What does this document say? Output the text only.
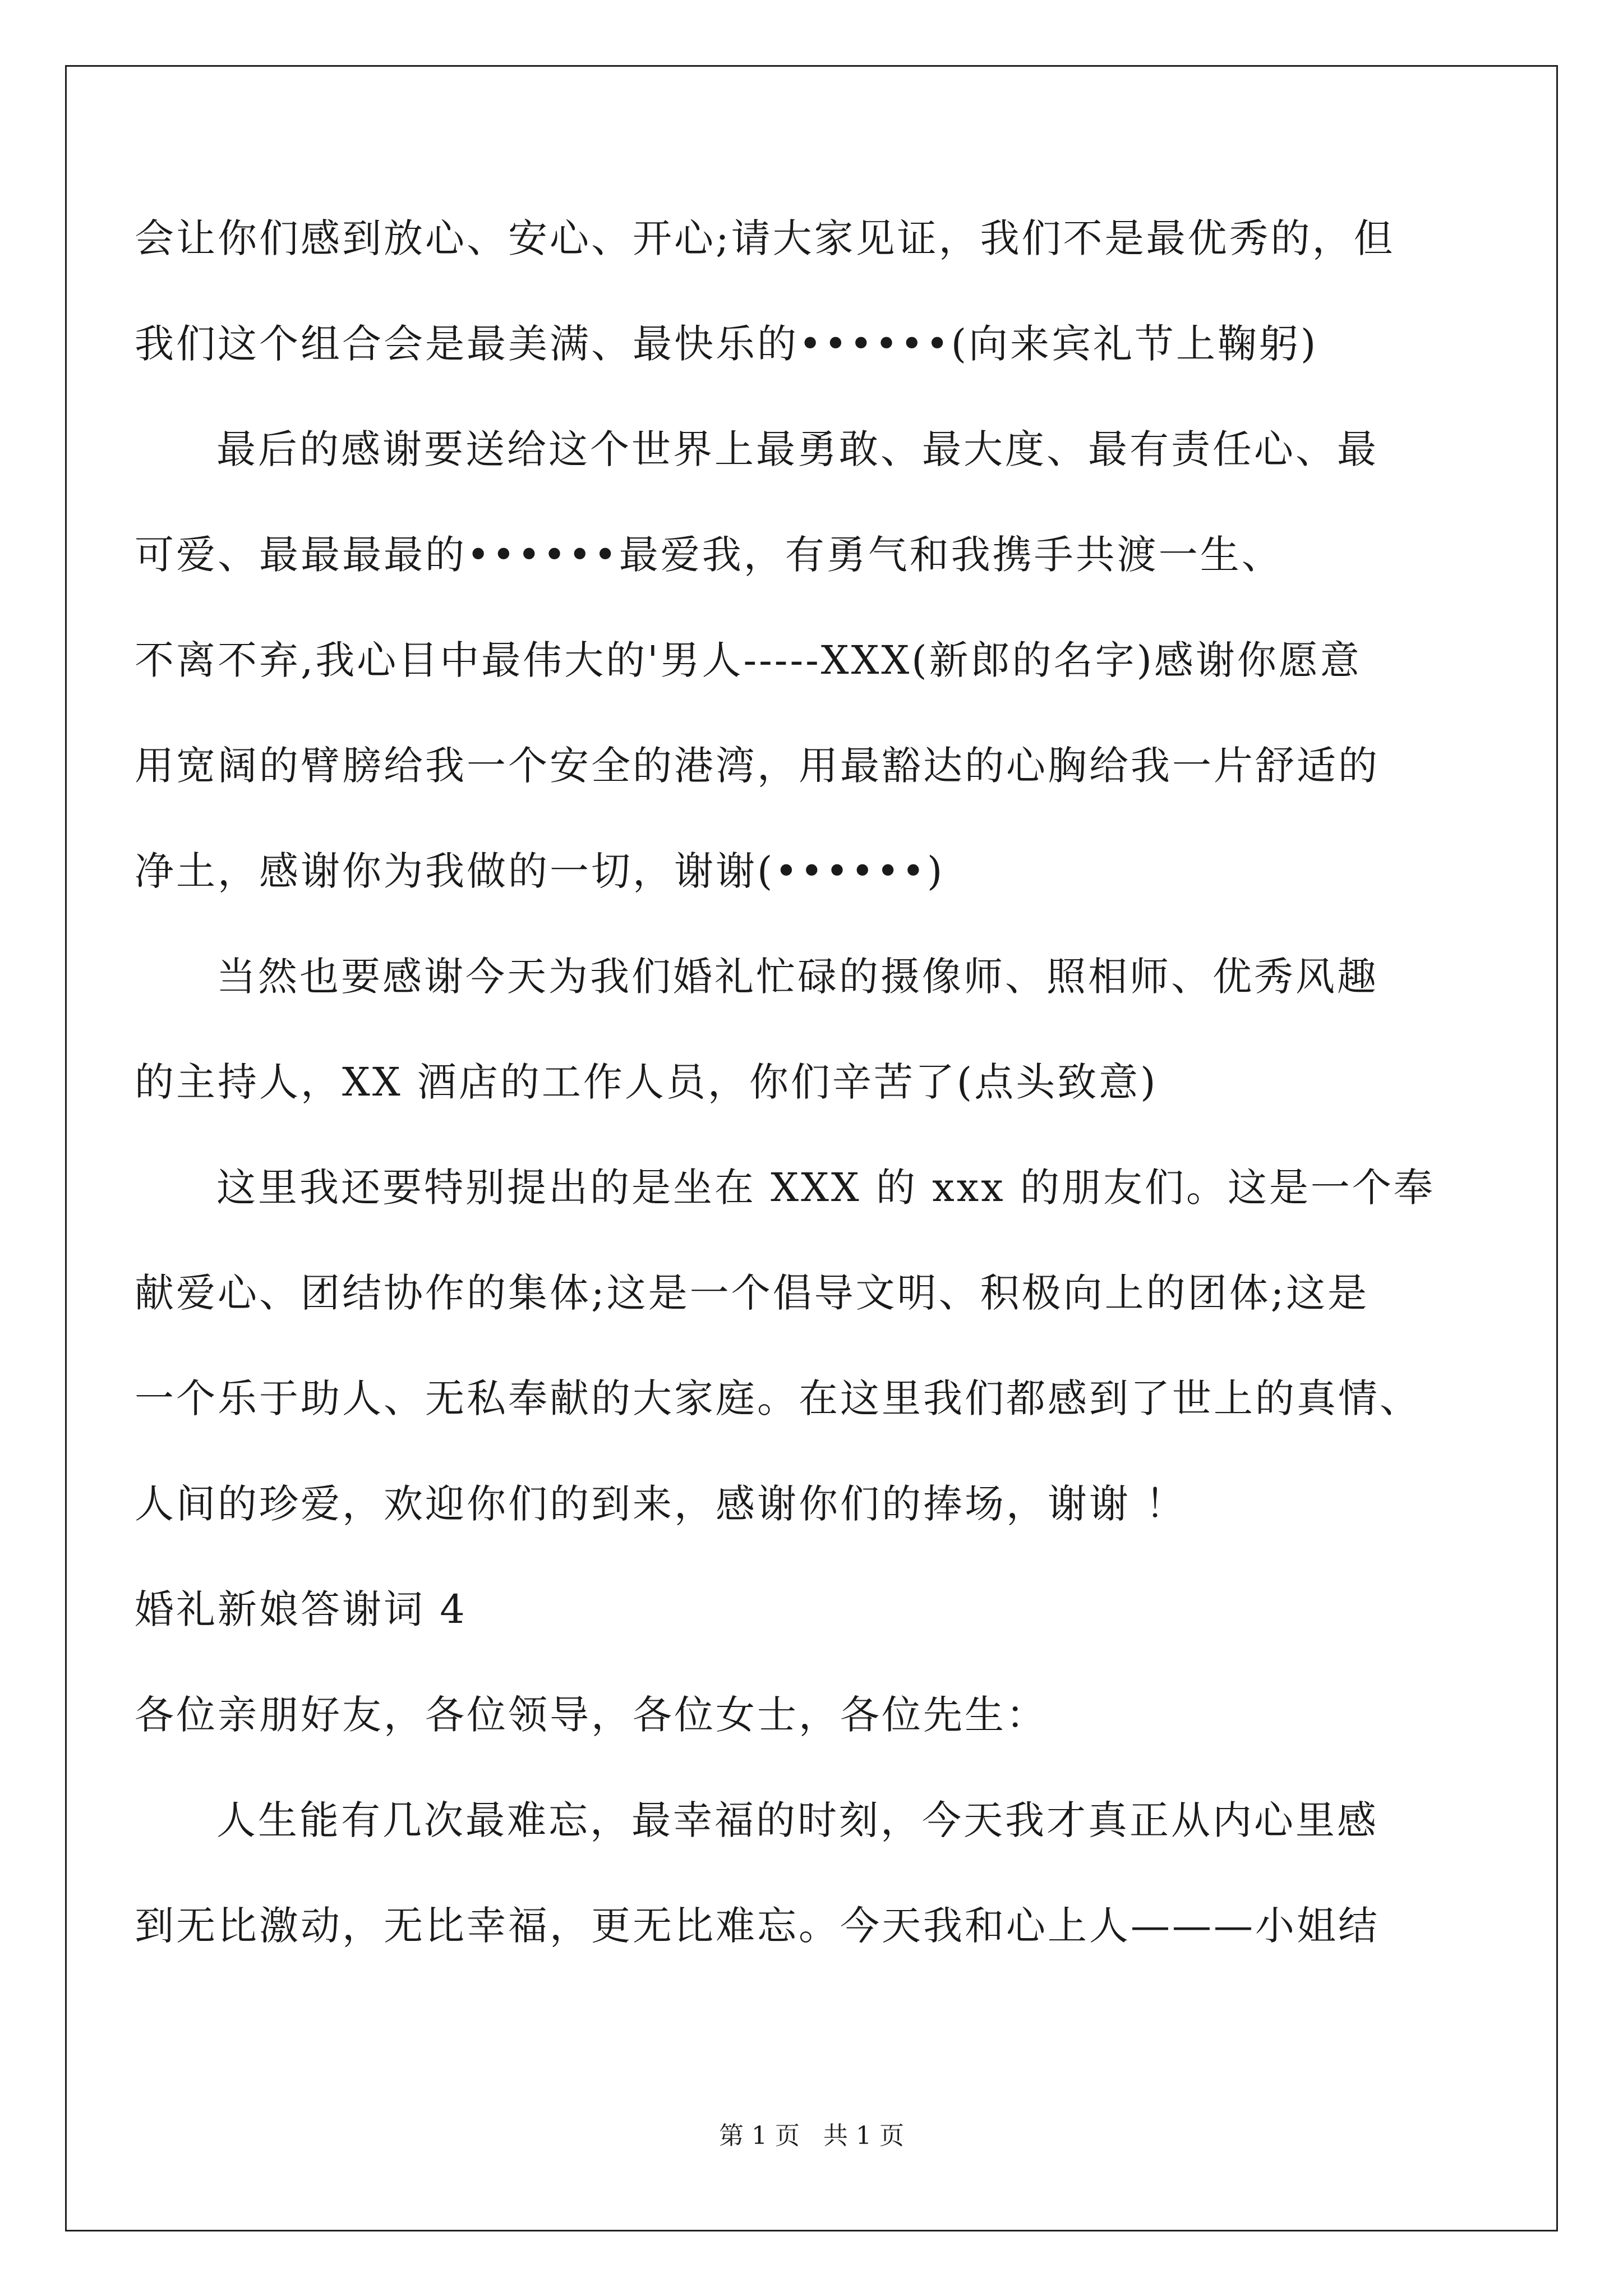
会让你们感到放心、安心、开心;请大家见证，我们不是最优秀的，但
我们这个组合会是最美满、最快乐的••••••(向来宾礼节上鞠躬)
最后的感谢要送给这个世界上最勇敢、最大度、最有责任心、最
可爱、最最最最的••••••最爱我，有勇气和我携手共渡一生、
不离不弃,我心目中最伟大的'男人-----XXX(新郎的名字)感谢你愿意
用宽阔的臂膀给我一个安全的港湾，用最豁达的心胸给我一片舒适的
净土，感谢你为我做的一切，谢谢(••••••)
当然也要感谢今天为我们婚礼忙碌的摄像师、照相师、优秀风趣
的主持人，XX 酒店的工作人员，你们辛苦了(点头致意)
这里我还要特别提出的是坐在 XXX 的 xxx 的朋友们。这是一个奉
献爱心、团结协作的集体;这是一个倡导文明、积极向上的团体;这是
一个乐于助人、无私奉献的大家庭。在这里我们都感到了世上的真情、
人间的珍爱，欢迎你们的到来，感谢你们的捧场，谢谢 ！
婚礼新娘答谢词 4
各位亲朋好友，各位领导，各位女士，各位先生：
人生能有几次最难忘，最幸福的时刻，今天我才真正从内心里感
到无比激动，无比幸福，更无比难忘。今天我和心上人———小姐结
第 1 页   共 1 页
